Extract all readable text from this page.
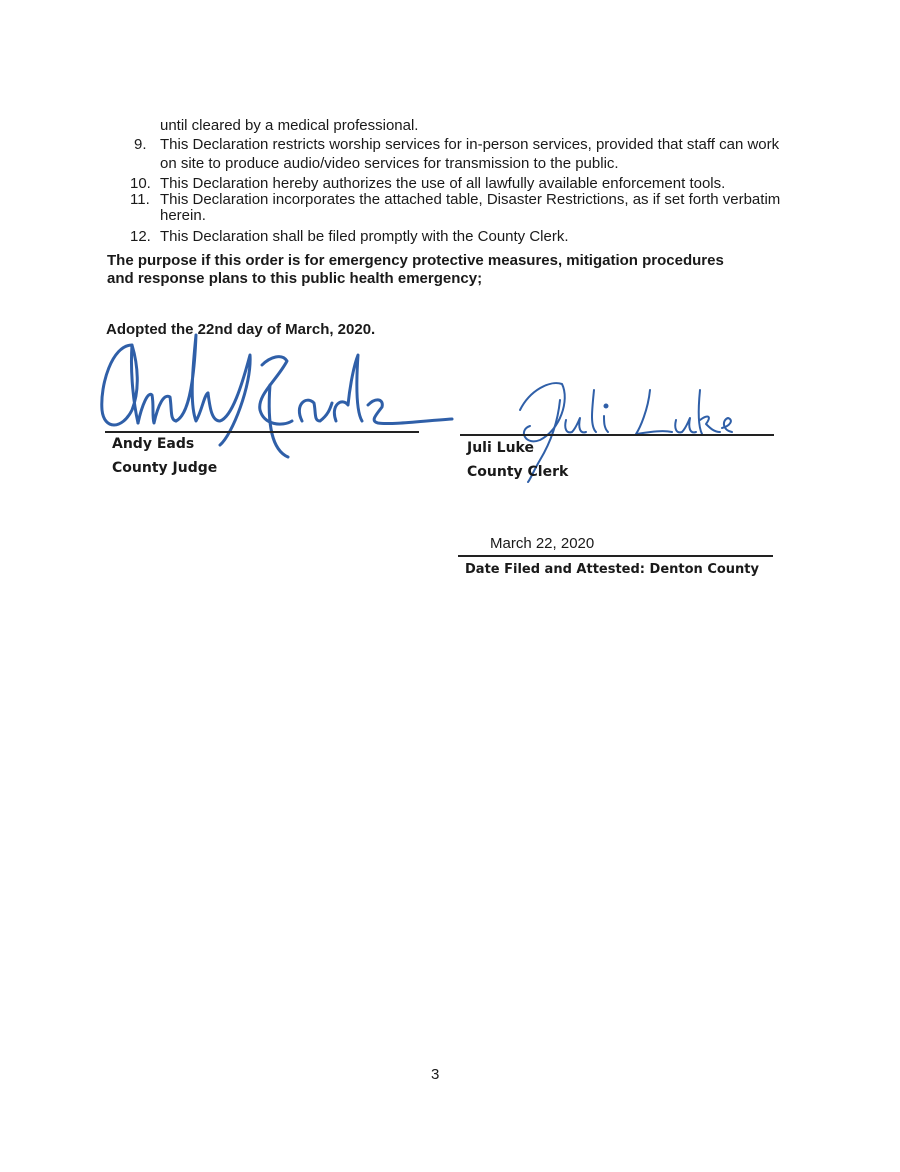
until cleared by a medical professional.
9. This Declaration restricts worship services for in-person services, provided that staff can work
on site to produce audio/video services for transmission to the public.
10. This Declaration hereby authorizes the use of all lawfully available enforcement tools.
11. This Declaration incorporates the attached table, Disaster Restrictions, as if set forth verbatim
herein.
12. This Declaration shall be filed promptly with the County Clerk.
The purpose if this order is for emergency protective measures, mitigation procedures
and response plans to this public health emergency;
Adopted the 22nd day of March, 2020.
Andy Eads
County Judge
Juli Luke
County Clerk
March 22, 2020
Date Filed and Attested: Denton County
3
